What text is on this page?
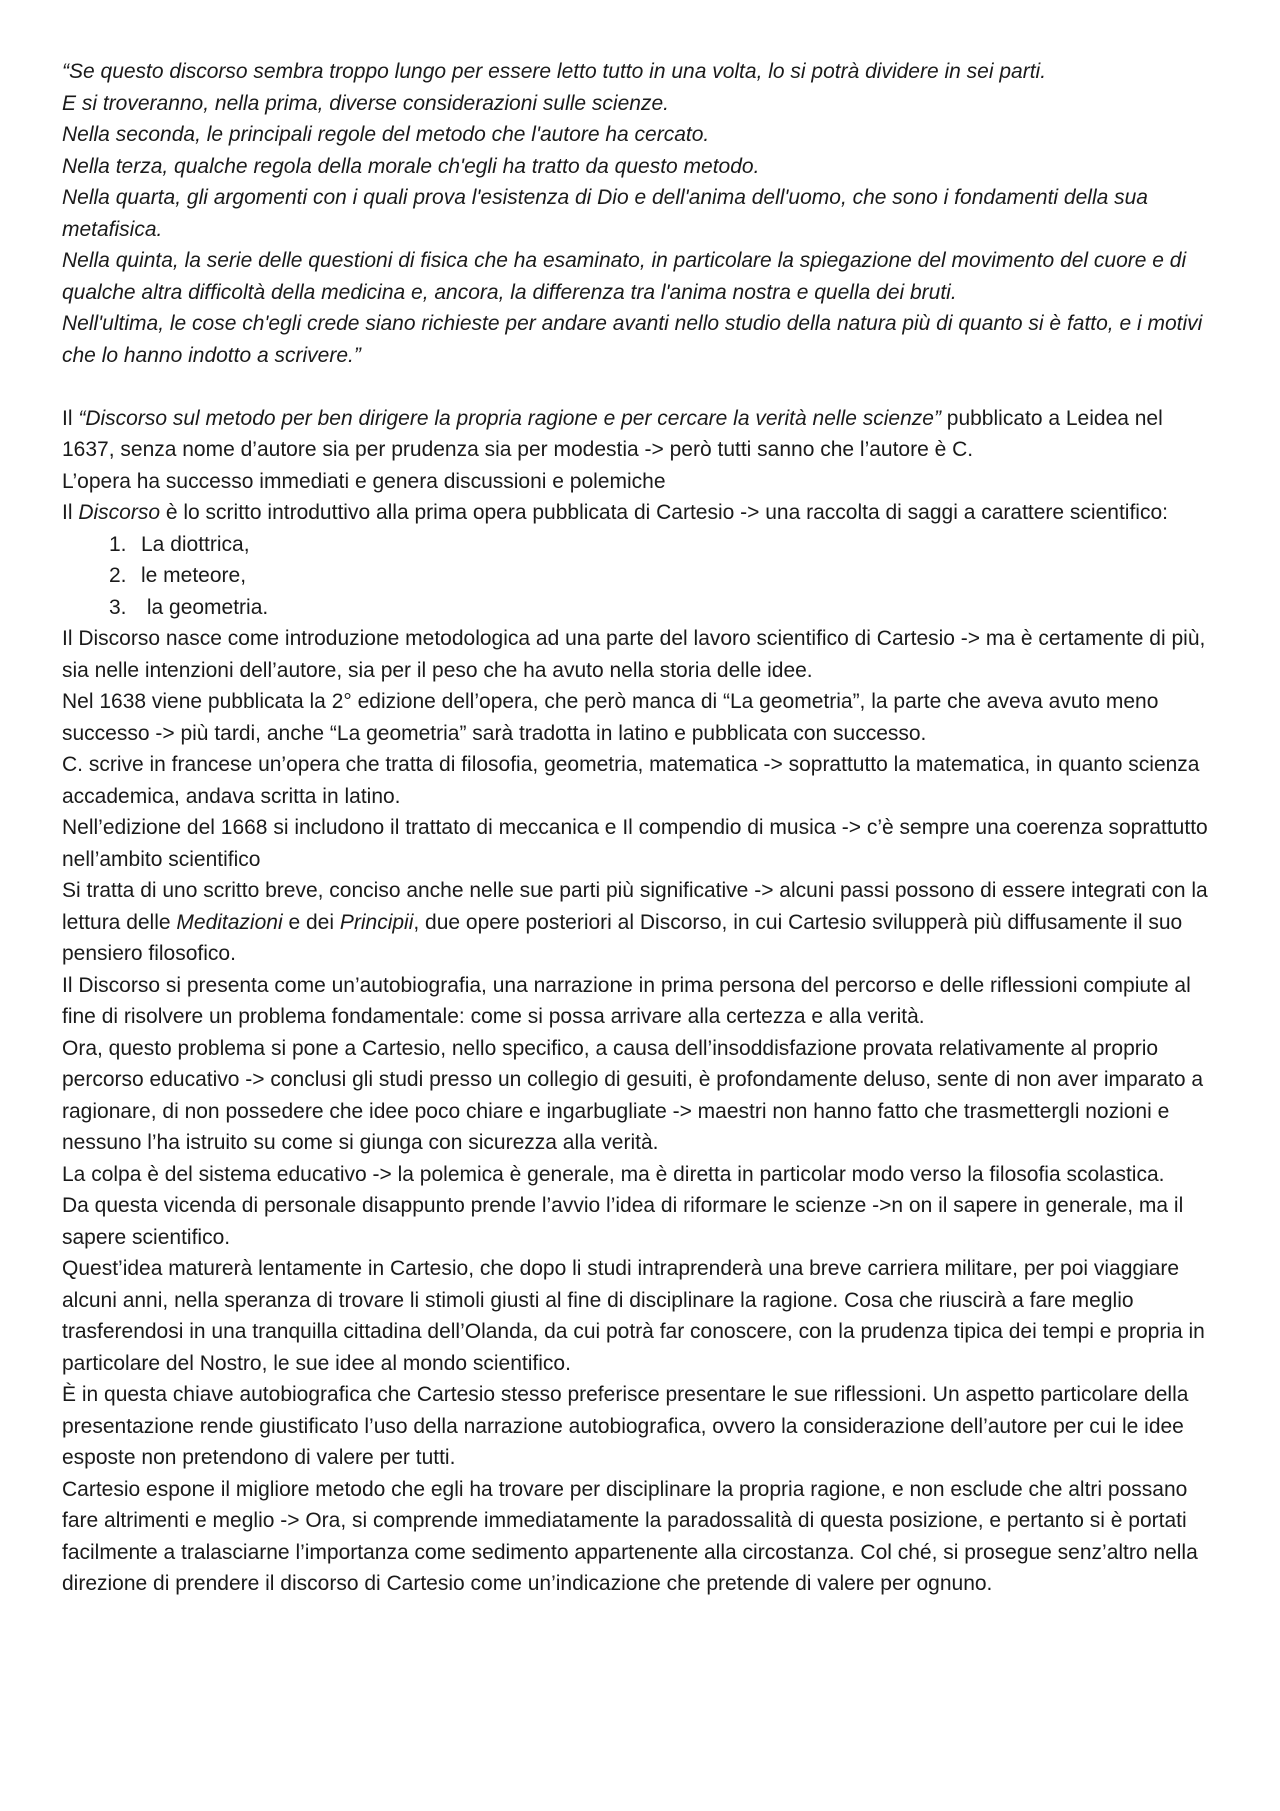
“Se questo discorso sembra troppo lungo per essere letto tutto in una volta, lo si potrà dividere in sei parti.

E si troveranno, nella prima, diverse considerazioni sulle scienze.

Nella seconda, le principali regole del metodo che l'autore ha cercato.

Nella terza, qualche regola della morale ch'egli ha tratto da questo metodo.

Nella quarta, gli argomenti con i quali prova l'esistenza di Dio e dell'anima dell'uomo, che sono i fondamenti della sua metafisica.

Nella quinta, la serie delle questioni di fisica che ha esaminato, in particolare la spiegazione del movimento del cuore e di qualche altra difficoltà della medicina e, ancora, la differenza tra l'anima nostra e quella dei bruti.

Nell'ultima, le cose ch'egli crede siano richieste per andare avanti nello studio della natura più di quanto si è fatto, e i motivi che lo hanno indotto a scrivere.”

Il “Discorso sul metodo per ben dirigere la propria ragione e per cercare la verità nelle scienze” pubblicato a Leidea nel 1637, senza nome d’autore sia per prudenza sia per modestia -> però tutti sanno che l’autore è C.

L’opera ha successo immediati e genera discussioni e polemiche

Il Discorso è lo scritto introduttivo alla prima opera pubblicata di Cartesio -> una raccolta di saggi a carattere scientifico:

1. La diottrica,
2. le meteore,
3. la geometria.

Il Discorso nasce come introduzione metodologica ad una parte del lavoro scientifico di Cartesio -> ma è certamente di più, sia nelle intenzioni dell’autore, sia per il peso che ha avuto nella storia delle idee.

Nel 1638 viene pubblicata la 2° edizione dell’opera, che però manca di “La geometria”, la parte che aveva avuto meno successo -> più tardi, anche “La geometria” sarà tradotta in latino e pubblicata con successo.

C. scrive in francese un’opera che tratta di filosofia, geometria, matematica -> soprattutto la matematica, in quanto scienza accademica, andava scritta in latino.

Nell’edizione del 1668 si includono il trattato di meccanica e Il compendio di musica -> c’è sempre una coerenza soprattutto nell’ambito scientifico

Si tratta di uno scritto breve, conciso anche nelle sue parti più significative -> alcuni passi possono di essere integrati con la lettura delle Meditazioni e dei Principii, due opere posteriori al Discorso, in cui Cartesio svilupperà più diffusamente il suo pensiero filosofico.

Il Discorso si presenta come un’autobiografia, una narrazione in prima persona del percorso e delle riflessioni compiute al fine di risolvere un problema fondamentale: come si possa arrivare alla certezza e alla verità.

Ora, questo problema si pone a Cartesio, nello specifico, a causa dell’insoddisfazione provata relativamente al proprio percorso educativo -> conclusi gli studi presso un collegio di gesuiti, è profondamente deluso, sente di non aver imparato a ragionare, di non possedere che idee poco chiare e ingarbugliate -> maestri non hanno fatto che trasmettergli nozioni e nessuno l’ha istruito su come si giunga con sicurezza alla verità.

La colpa è del sistema educativo -> la polemica è generale, ma è diretta in particolar modo verso la filosofia scolastica.

Da questa vicenda di personale disappunto prende l’avvio l’idea di riformare le scienze ->n on il sapere in generale, ma il sapere scientifico.

Quest’idea maturerà lentamente in Cartesio, che dopo li studi intraprenderà una breve carriera militare, per poi viaggiare alcuni anni, nella speranza di trovare li stimoli giusti al fine di disciplinare la ragione. Cosa che riuscirà a fare meglio trasferendosi in una tranquilla cittadina dell’Olanda, da cui potrà far conoscere, con la prudenza tipica dei tempi e propria in particolare del Nostro, le sue idee al mondo scientifico.

È in questa chiave autobiografica che Cartesio stesso preferisce presentare le sue riflessioni. Un aspetto particolare della presentazione rende giustificato l’uso della narrazione autobiografica, ovvero la considerazione dell’autore per cui le idee esposte non pretendono di valere per tutti.

Cartesio espone il migliore metodo che egli ha trovare per disciplinare la propria ragione, e non esclude che altri possano fare altrimenti e meglio -> Ora, si comprende immediatamente la paradossalità di questa posizione, e pertanto si è portati facilmente a tralasciarne l’importanza come sedimento appartenente alla circostanza. Col ché, si prosegue senz’altro nella direzione di prendere il discorso di Cartesio come un’indicazione che pretende di valere per ognuno.
